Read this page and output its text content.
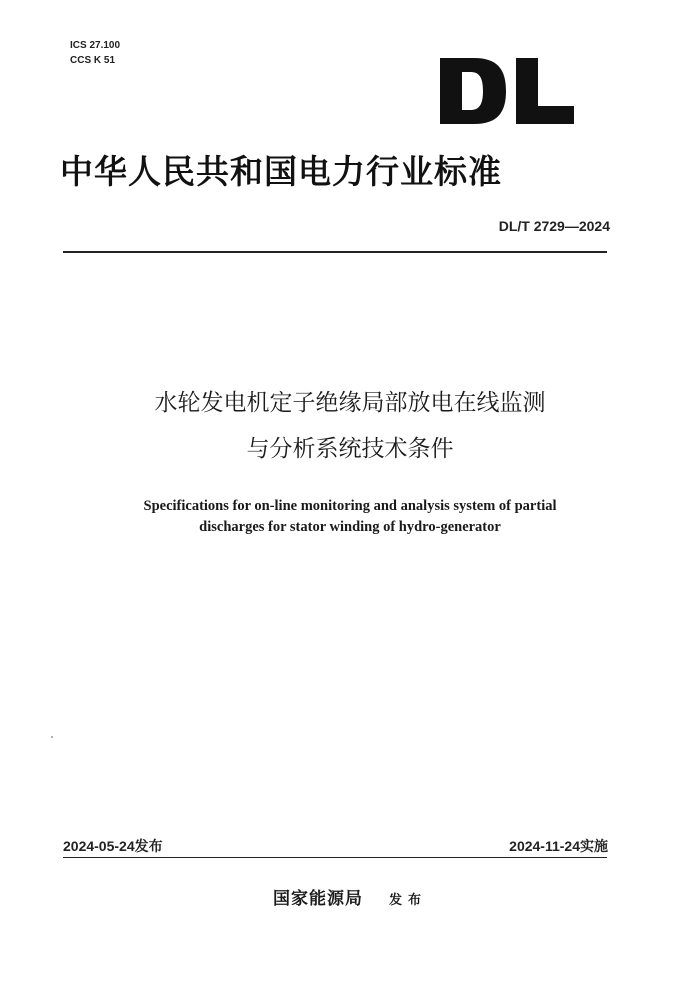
ICS 27.100
CCS K 51
中华人民共和国电力行业标准
DL/T 2729—2024
水轮发电机定子绝缘局部放电在线监测
与分析系统技术条件
Specifications for on-line monitoring and analysis system of partial
discharges for stator winding of hydro-generator
2024-05-24发布	2024-11-24实施
国家能源局 发布
